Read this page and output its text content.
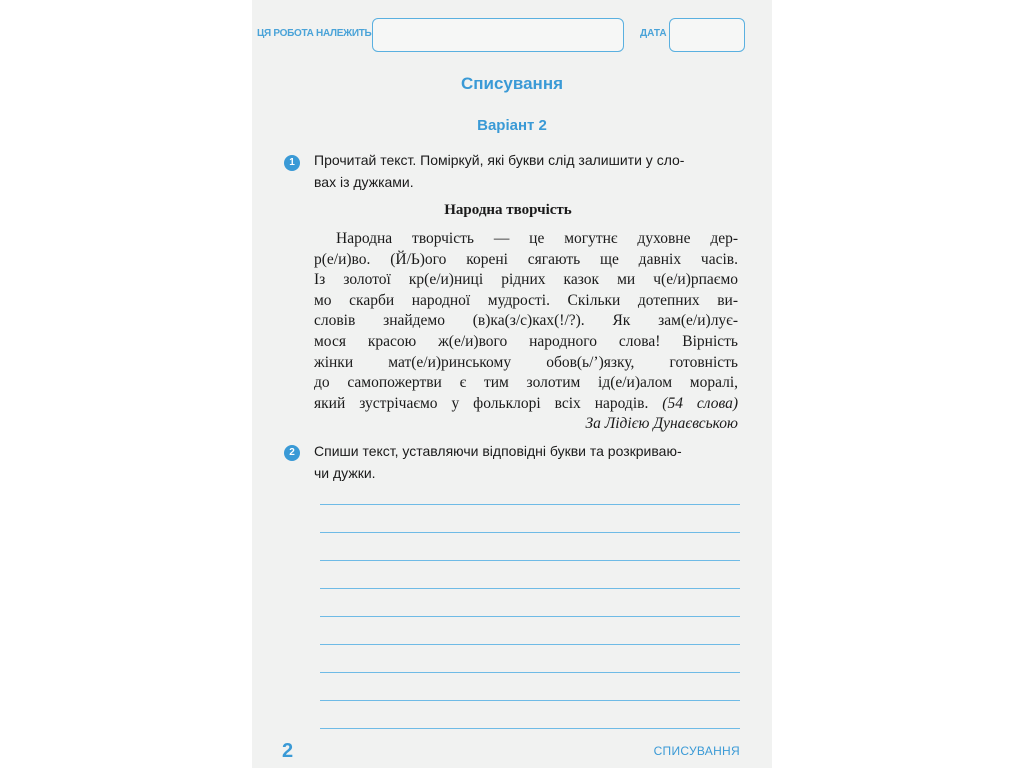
ЦЯ РОБОТА НАЛЕЖИТЬ	ДАТА
Списування
Варіант 2
1	Прочитай текст. Поміркуй, які букви слід залишити у сло-
вах із дужками.
Народна творчість
Народна творчість — це могутнє духовне дер-
р(е/и)во. (Й/Ь)ого корені сягають ще давніх часів.
Із золотої кр(е/и)ниці рідних казок ми ч(е/и)рпаємо
мо скарби народної мудрості. Скільки дотепних ви-
словів знайдемо (в)ка(з/с)ках(!/?). Як зам(е/и)лує-
мося красою ж(е/и)вого народного слова! Вірність
жінки мат(е/и)ринському обов(ь/’)язку, готовність
до самопожертви є тим золотим ід(е/и)алом моралі,
який зустрічаємо у фольклорі всіх народів. (54 слова)
За Лідією Дунаєвською
2	Спиши текст, уставляючи відповідні букви та розкриваю-
чи дужки.
2	СПИСУВАННЯ
